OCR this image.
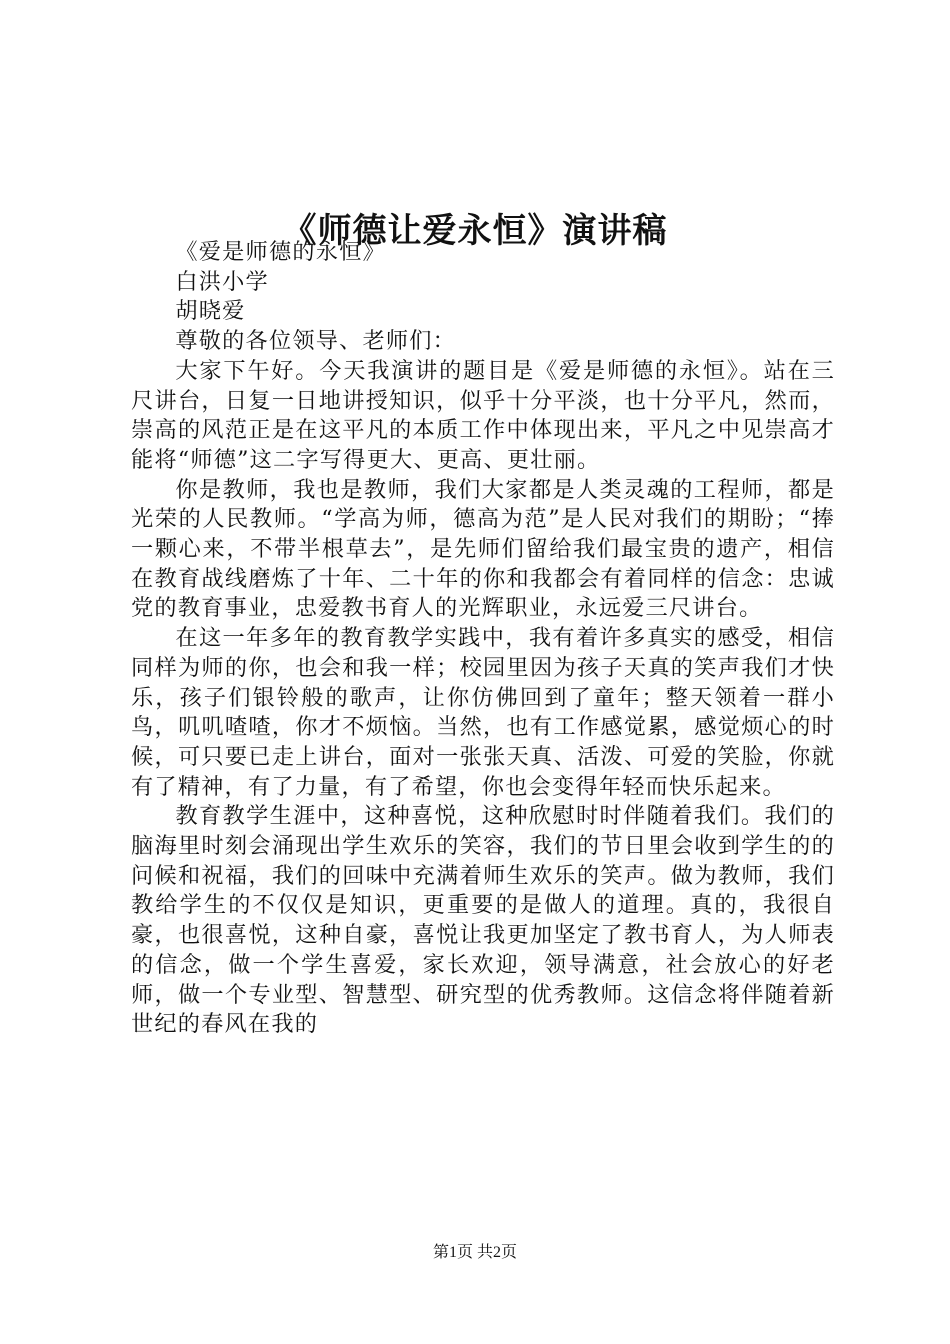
《师德让爱永恒》演讲稿

《爱是师德的永恒》

白洪小学

胡晓爱

尊敬的各位领导、老师们：

大家下午好。今天我演讲的题目是《爱是师德的永恒》。站在三尺讲台，日复一日地讲授知识，似乎十分平淡，也十分平凡，然而，崇高的风范正是在这平凡的本质工作中体现出来，平凡之中见崇高才能将“师德”这二字写得更大、更高、更壮丽。

你是教师，我也是教师，我们大家都是人类灵魂的工程师，都是光荣的人民教师。“学高为师，德高为范”是人民对我们的期盼；“捧一颗心来，不带半根草去”，是先师们留给我们最宝贵的遗产，相信在教育战线磨炼了十年、二十年的你和我都会有着同样的信念：忠诚党的教育事业，忠爱教书育人的光辉职业，永远爱三尺讲台。

在这一年多年的教育教学实践中，我有着许多真实的感受，相信同样为师的你，也会和我一样；校园里因为孩子天真的笑声我们才快乐，孩子们银铃般的歌声，让你仿佛回到了童年；整天领着一群小鸟，叽叽喳喳，你才不烦恼。当然，也有工作感觉累，感觉烦心的时候，可只要已走上讲台，面对一张张天真、活泼、可爱的笑脸，你就有了精神，有了力量，有了希望，你也会变得年轻而快乐起来。

教育教学生涯中，这种喜悦，这种欣慰时时伴随着我们。我们的脑海里时刻会涌现出学生欢乐的笑容，我们的节日里会收到学生的的问候和祝福，我们的回味中充满着师生欢乐的笑声。做为教师，我们教给学生的不仅仅是知识，更重要的是做人的道理。真的，我很自豪，也很喜悦，这种自豪，喜悦让我更加坚定了教书育人，为人师表的信念，做一个学生喜爱，家长欢迎，领导满意，社会放心的好老师，做一个专业型、智慧型、研究型的优秀教师。这信念将伴随着新世纪的春风在我的

第1页 共2页
